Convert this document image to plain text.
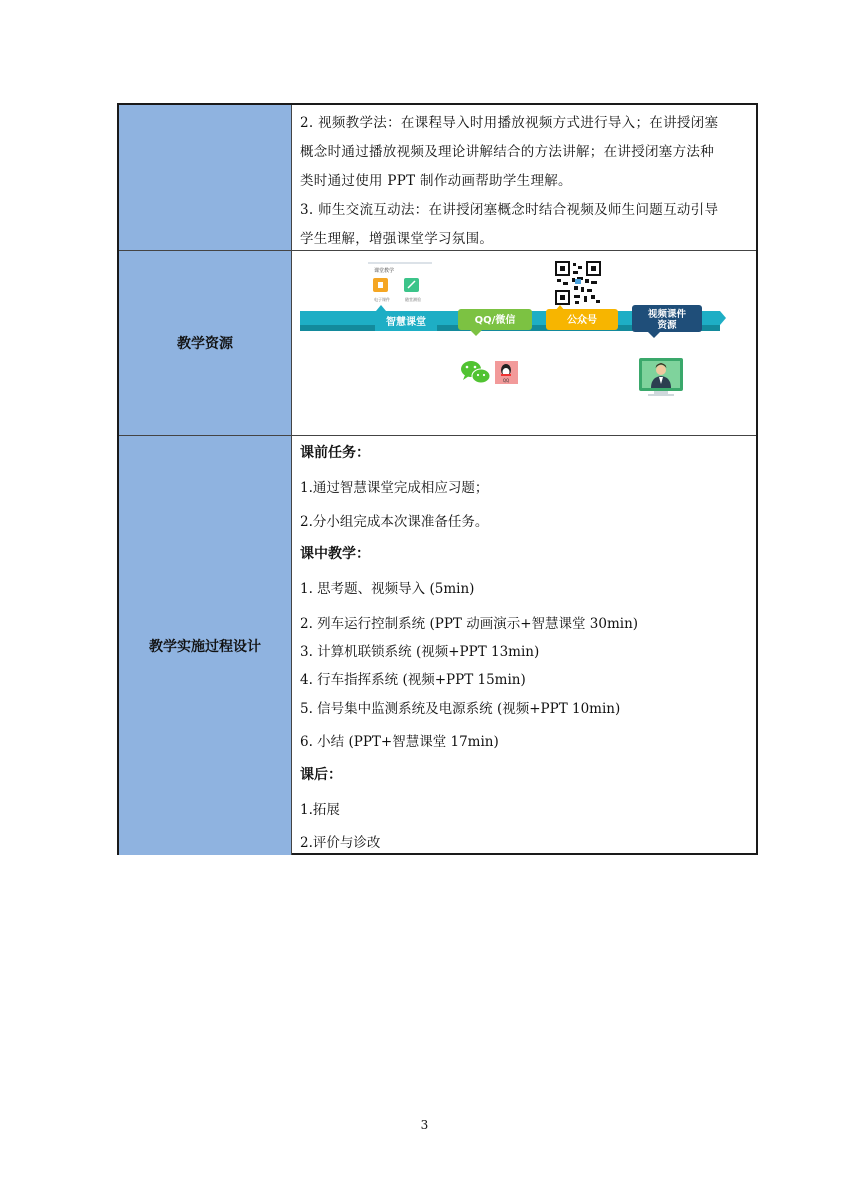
2. 视频教学法：在课程导入时用播放视频方式进行导入；在讲授闭塞
概念时通过播放视频及理论讲解结合的方法讲解；在讲授闭塞方法种
类时通过使用 PPT 制作动画帮助学生理解。
3. 师生交流互动法：在讲授闭塞概念时结合视频及师生问题互动引导
学生理解，增强课堂学习氛围。
教学资源
课堂教学
电子课件	随堂测验
智慧课堂	QQ/微信	公众号
视频课件
资源
QQ
教学实施过程设计
课前任务：
1.通过智慧课堂完成相应习题；
2.分小组完成本次课准备任务。
课中教学：
1. 思考题、视频导入 (5min)
2. 列车运行控制系统 (PPT 动画演示+智慧课堂 30min)
3. 计算机联锁系统 (视频+PPT 13min)
4. 行车指挥系统 (视频+PPT 15min)
5. 信号集中监测系统及电源系统 (视频+PPT 10min)
6. 小结 (PPT+智慧课堂 17min)
课后：
1.拓展
2.评价与诊改
3
